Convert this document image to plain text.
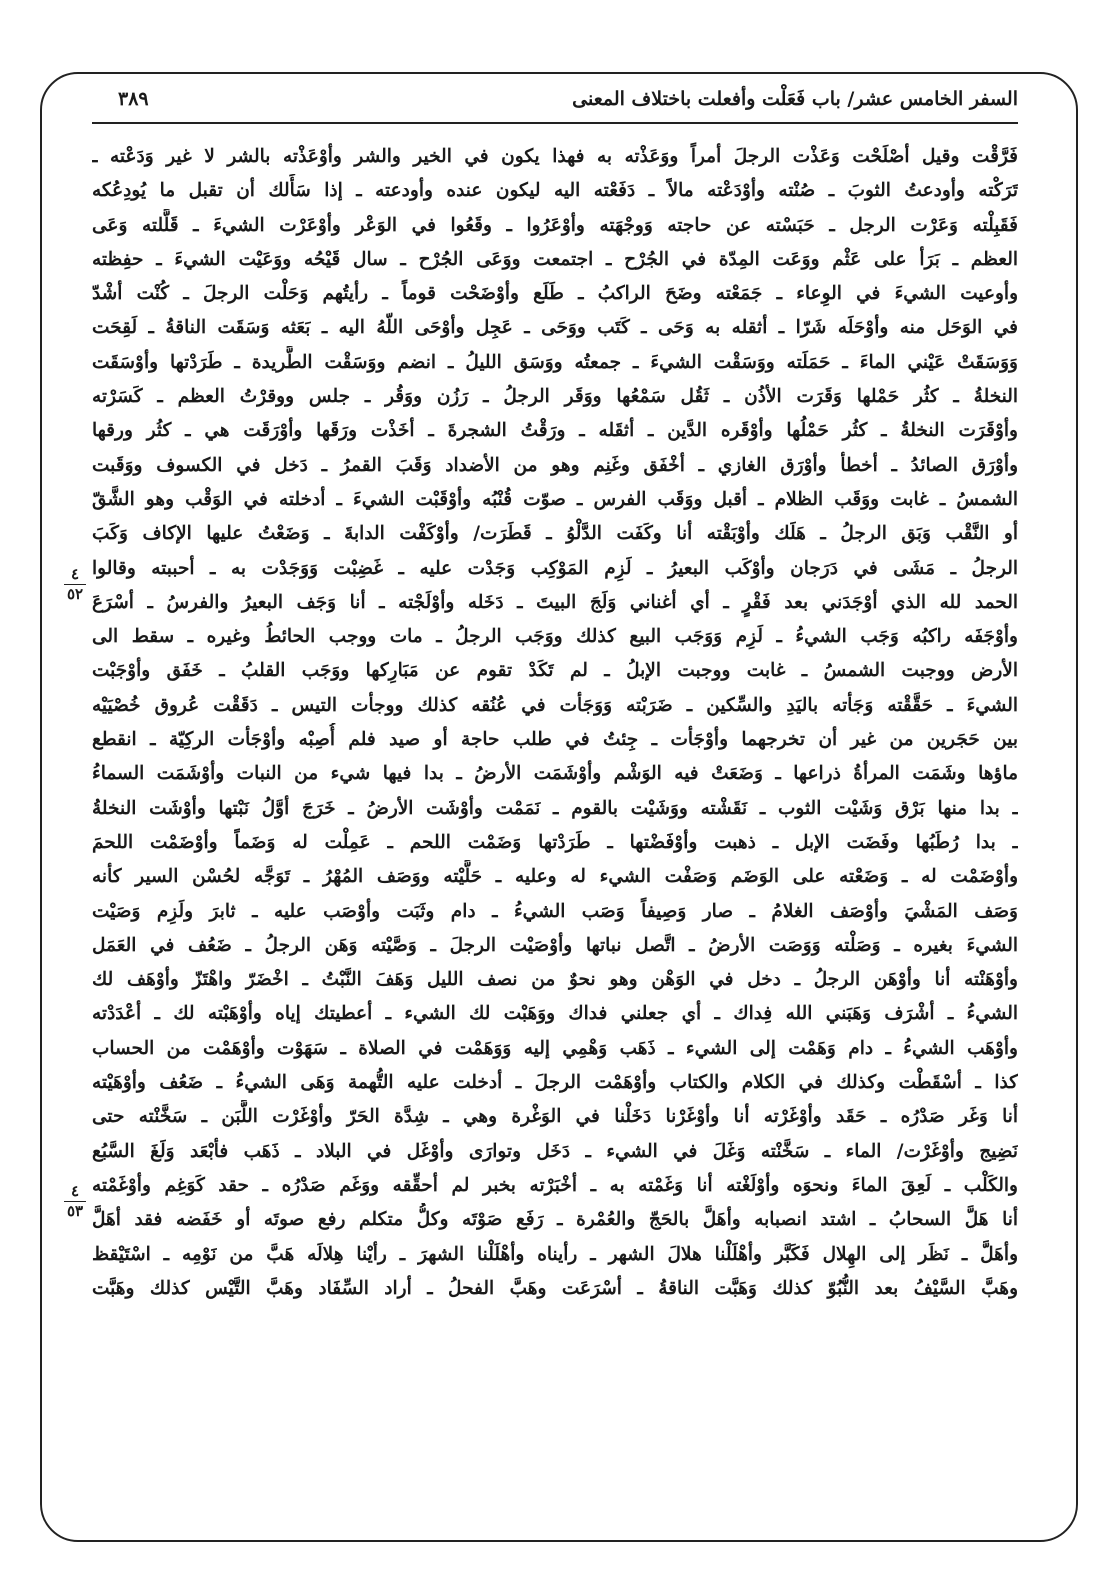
السفر الخامس عشر/ باب فَعَلْت وأفعلت باختلاف المعنى
٣٨٩
٤
٥٢
٤
٥٣
فَرَّقْت وقيل أصْلَحْت وَعَذْت الرجلَ أمراً ووَعَذْته به فهذا يكون في الخير والشر وأوْعَذْته بالشر لا غير وَدَعْته ـ
تَرَكْته وأودعتُ الثوبَ ـ صُنْته وأوْدَعْته مالاً ـ دَفَعْته اليه ليكون عنده وأودعته ـ إذا سَأَلك أن تقبل ما يُودِعُكه
فَقَبِلْته وَعَرْت الرجل ـ حَبَسْته عن حاجته وَوجْهَته وأوْعَرُوا ـ وقَعُوا في الوَعْر وأوْعَرْت الشيءَ ـ قَلَّلته وَعَى
العظم ـ بَرَأ على عَثْم ووَعَت المِدّة في الجُرْح ـ اجتمعت ووَعَى الجُرْح ـ سال قَيْحُه ووَعَيْت الشيءَ ـ حفِظته
وأوعيت الشيءَ في الوِعاء ـ جَمَعْته وضَحَ الراكبُ ـ طَلَع وأوْضَحْت قوماً ـ رأيتُهم وَحَلْت الرجلَ ـ كُنْت أشْدّ
في الوَحَل منه وأوْحَلَه شَرّا ـ أثقله به وَحَى ـ كَتَب ووَحَى ـ عَجِل وأوْحَى اللّهُ اليه ـ بَعَثه وَسَقَت الناقةُ ـ لَقِحَت
وَوَسَقَتْ عَيْني الماءَ ـ حَمَلَته ووَسَقْت الشيءَ ـ جمعتُه ووَسَق الليلُ ـ انضم ووَسَقْت الطَّريدة ـ طَرَدْتها وأوْسَقَت
النخلةُ ـ كثُر حَمْلها وَقَرَت الأذُن ـ ثَقُل سَمْعُها ووَقَر الرجلُ ـ رَزُن ووَقُر ـ جلس ووقرْتُ العظم ـ كَسَرْته
وأوْقَرَت النخلةُ ـ كثُر حَمْلُها وأوْقَره الدَّين ـ أثقَله ـ ورَقْتُ الشجرةَ ـ أخَذْت ورَقَها وأوْرَقَت هي ـ كثُر ورقها
وأوْرَق الصائدُ ـ أخطأ وأوْرَق الغازي ـ أخْفَق وغَنِم وهو من الأضداد وَقَبَ القمرُ ـ دَخل في الكسوف ووَقَبت
الشمسُ ـ غابت ووَقَب الظلام ـ أقبل ووَقَب الفرس ـ صوّت قُنْبُه وأوْقَبْت الشيءَ ـ أدخلته في الوَقْب وهو الشَّقّ
أو النَّقْب وَبَق الرجلُ ـ هَلَك وأوْبَقْته أنا وكَفَت الدَّلْوُ ـ قَطَرَت/ وأوْكَفْت الدابةَ ـ وَضَعْتُ عليها الإكاف وَكَبَ
الرجلُ ـ مَشَى في دَرَجان وأوْكَب البعيرُ ـ لَزِم المَوْكِب وَجَدْت عليه ـ غَضِبْت وَوَجَدْت به ـ أحببته وقالوا
الحمد لله الذي أوْجَدَني بعد فَقْرٍ ـ أي أغناني وَلَجَ البيتَ ـ دَخَله وأوْلَجْته ـ أنا وَجَف البعيرُ والفرسُ ـ أسْرَعَ
وأوْجَفَه راكبُه وَجَب الشيءُ ـ لَزِم وَوَجَب البيع كذلك ووَجَب الرجلُ ـ مات ووجب الحائطُ وغيره ـ سقط الى
الأرض ووجبت الشمسُ ـ غابت ووجبت الإبلُ ـ لم تَكَدْ تقوم عن مَبَارِكها ووَجَب القلبُ ـ خَفَق وأوْجَبْت
الشيءَ ـ حَقَّقْته وَجَأته باليَدِ والسِّكين ـ ضَرَبْته وَوَجَأت في عُنُقه كذلك ووجأت التيس ـ دَقَقْت عُروق خُصْيَيْه
بين حَجَرين من غير أن تخرجهما وأوْجَأت ـ جِئتُ في طلب حاجة أو صيد فلم أُصِبْه وأوْجَأت الركِيّة ـ انقطع
ماؤها وشَمَت المرأةُ ذراعها ـ وَضَعَتْ فيه الوَشْم وأوْشَمَت الأرضُ ـ بدا فيها شيء من النبات وأوْشَمَت السماءُ
ـ بدا منها بَرْق وَشَيْت الثوب ـ نَقَشْته ووَشَيْت بالقوم ـ نَمَمْت وأوْشَت الأرضُ ـ خَرَجَ أوَّلُ نَبْتها وأوْشَت النخلةُ
ـ بدا رُطَبُها وفَضَت الإبل ـ ذهبت وأوْفَضْتها ـ طَرَدْتها وَضَمْت اللحم ـ عَمِلْت له وَضَماً وأوْضَمْت اللحمَ
وأوْضَمْت له ـ وَضَعْته على الوَضَم وَصَفْت الشيء له وعليه ـ حَلَّيْته ووَصَف المُهْرُ ـ تَوَجَّه لحُسْن السير كأنه
وَصَف المَشْيَ وأوْصَف الغلامُ ـ صار وَصِيفاً وَصَب الشيءُ ـ دام وثَبَت وأوْصَب عليه ـ ثابرَ ولَزِم وَصَيْت
الشيءَ بغيره ـ وَصَلْته وَوَصَت الأرضُ ـ اتَّصل نباتها وأوْصَيْت الرجلَ ـ وَصَّيْته وَهَن الرجلُ ـ ضَعُف في العَمَل
وأوْهَنْته أنا وأوْهَن الرجلُ ـ دخل في الوَهْن وهو نحوٌ من نصف الليل وَهَفَ النَّبْتُ ـ اخْضَرّ واهْتَزّ وأوْهَف لك
الشيءُ ـ أشْرَف وَهَبَني الله فِداك ـ أي جعلني فداك ووَهَبْت لك الشيء ـ أعطيتك إياه وأوْهَبْته لك ـ أعْدَدْته
وأوْهَب الشيءُ ـ دام وَهَمْت إلى الشيء ـ ذَهَب وَهْمِي إليه وَوَهَمْت في الصلاة ـ سَهَوْت وأوْهَمْت من الحساب
كذا ـ أسْقَطْت وكذلك في الكلام والكتاب وأوْهَمْت الرجلَ ـ أدخلت عليه التُّهمة وَهَى الشيءُ ـ ضَعُف وأوْهَيْته
أنا وَغَر صَدْرُه ـ حَقَد وأوْغَرْته أنا وأوْغَرْنا دَخَلْنا في الوَغْرة وهي ـ شِدَّة الحَرّ وأوْغَرْت اللَّبَن ـ سَخَّنْته حتى
نَضِيج وأوْغَرْت/ الماء ـ سَخَّنْته وَغَلَ في الشيء ـ دَخَل وتوارَى وأوْغَل في البلاد ـ ذَهَب فأبْعَد وَلَغَ السَّبُع
والكَلْب ـ لَعِقَ الماءَ ونحوَه وأوْلَغْته أنا وَغَمْته به ـ أخْبَرْته بخبر لم أحقِّقه ووَغَم صَدْرُه ـ حقد كَوَغِم وأوْغَمْته
أنا هَلَّ السحابُ ـ اشتد انصبابه وأهَلَّ بالحَجّ والعُمْرة ـ رَفَع صَوْتَه وكلُّ متكلم رفع صوتَه أو خَفَضه فقد أهَلَّ
وأهَلَّ ـ نَظَر إلى الهِلال فَكَبَّر وأهْلَلْنا هلالَ الشهر ـ رأيناه وأهْلَلْنا الشهرَ ـ رأيْنا هِلالَه هَبَّ من نَوْمِه ـ اسْتَيْقظ
وهَبَّ السَّيْفُ بعد النُّبُوّ كذلك وَهَبَّت الناقةُ ـ أسْرَعَت وهَبَّ الفحلُ ـ أراد السِّفَاد وهَبَّ التَّيْس كذلك وهَبَّت
